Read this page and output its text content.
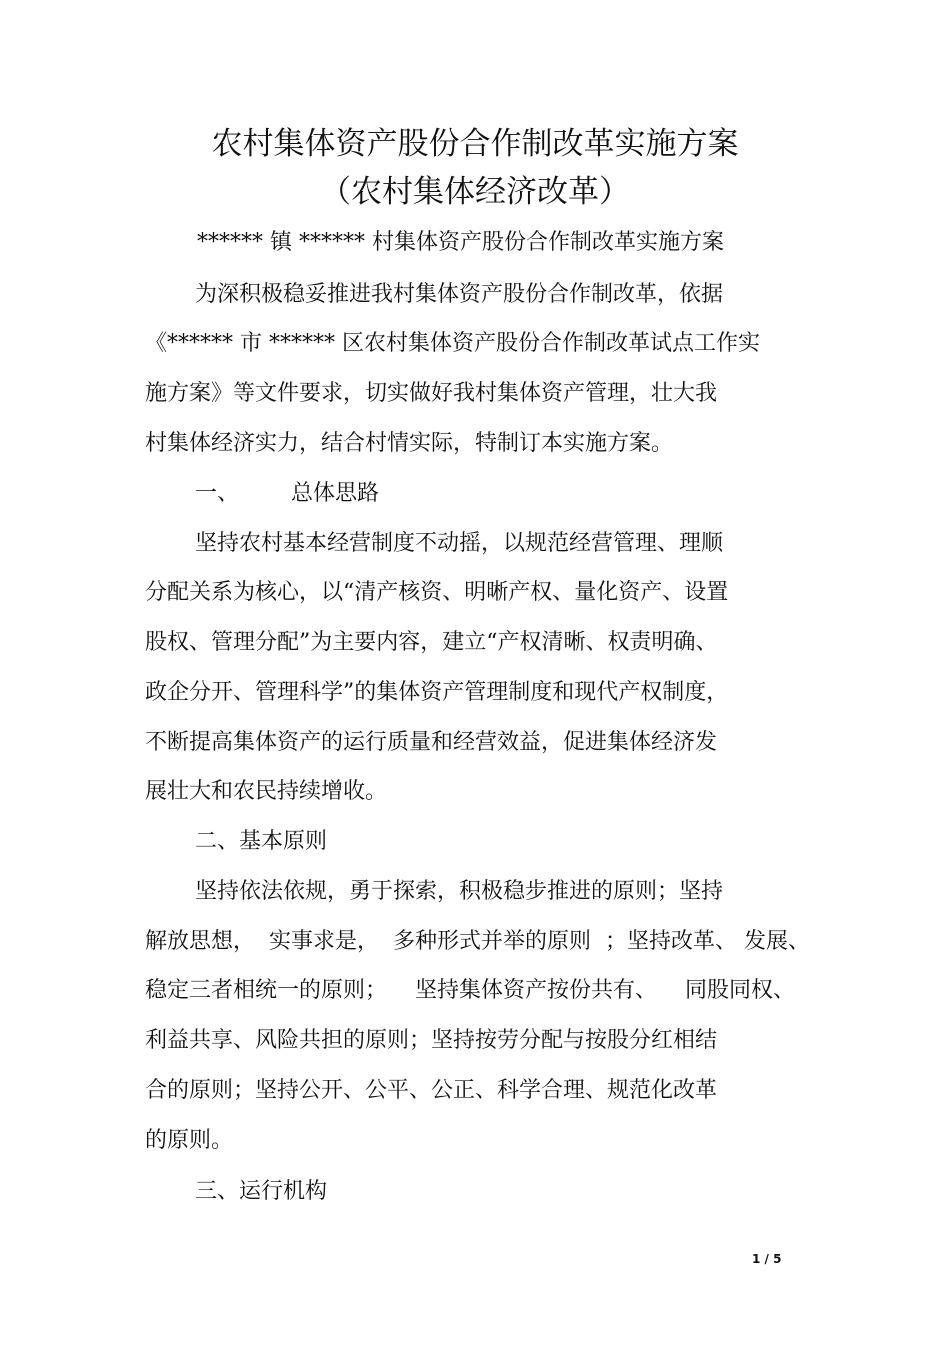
农村集体资产股份合作制改革实施方案
（农村集体经济改革）

****** 镇 ****** 村集体资产股份合作制改革实施方案

为深积极稳妥推进我村集体资产股份合作制改革，依据

《****** 市 ****** 区农村集体资产股份合作制改革试点工作实

施方案》等文件要求，切实做好我村集体资产管理，壮大我

村集体经济实力，结合村情实际，特制订本实施方案。

一、 总体思路

坚持农村基本经营制度不动摇，以规范经营管理、理顺

分配关系为核心，以“清产核资、明晰产权、量化资产、设置

股权、管理分配”为主要内容，建立“产权清晰、权责明确、

政企分开、管理科学”的集体资产管理制度和现代产权制度，

不断提高集体资产的运行质量和经营效益，促进集体经济发

展壮大和农民持续增收。

二、基本原则

坚持依法依规，勇于探索，积极稳步推进的原则；坚持

解放思想，  实事求是，  多种形式并举的原则  ；坚持改革、 发展、

稳定三者相统一的原则；    坚持集体资产按份共有、    同股同权、

利益共享、风险共担的原则；坚持按劳分配与按股分红相结

合的原则；坚持公开、公平、公正、科学合理、规范化改革

的原则。

三、运行机构

1 / 5
